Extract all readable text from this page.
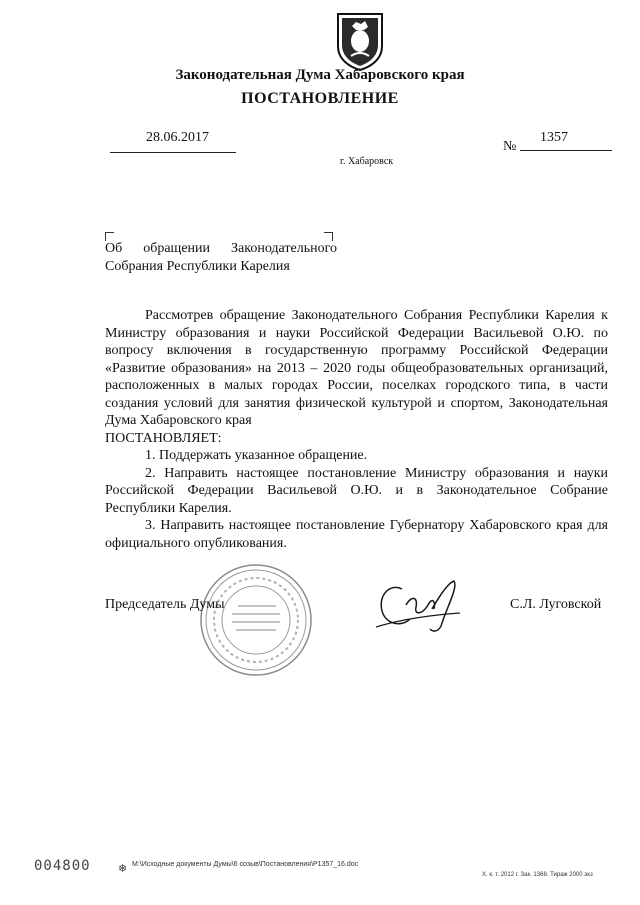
Законодательная Дума Хабаровского края
ПОСТАНОВЛЕНИЕ
28.06.2017
№
1357
г. Хабаровск
Об обращении Законодательного
Собрания Республики Карелия

Рассмотрев обращение Законодательного Собрания Республики Карелия к Министру образования и науки Российской Федерации Васильевой О.Ю. по вопросу включения в государственную программу Российской Федерации «Развитие образования» на 2013 – 2020 годы общеобразовательных организаций, расположенных в малых городах России, поселках городского типа, в части создания условий для занятия физической культурой и спортом, Законодательная Дума Хабаровского края

ПОСТАНОВЛЯЕТ:

1. Поддержать указанное обращение.

2. Направить настоящее постановление Министру образования и науки Российской Федерации Васильевой О.Ю. и в Законодательное Собрание Республики Карелия.

3. Направить настоящее постановление Губернатору Хабаровского края для официального опубликования.

Председатель Думы	С.Л. Луговской
004800 ❄ M:\Исходные документы Думы\6 созыв\Постановления\P1357_16.doc
Х. к. т. 2012 г. Зак. 1368. Тираж 2000 экз
